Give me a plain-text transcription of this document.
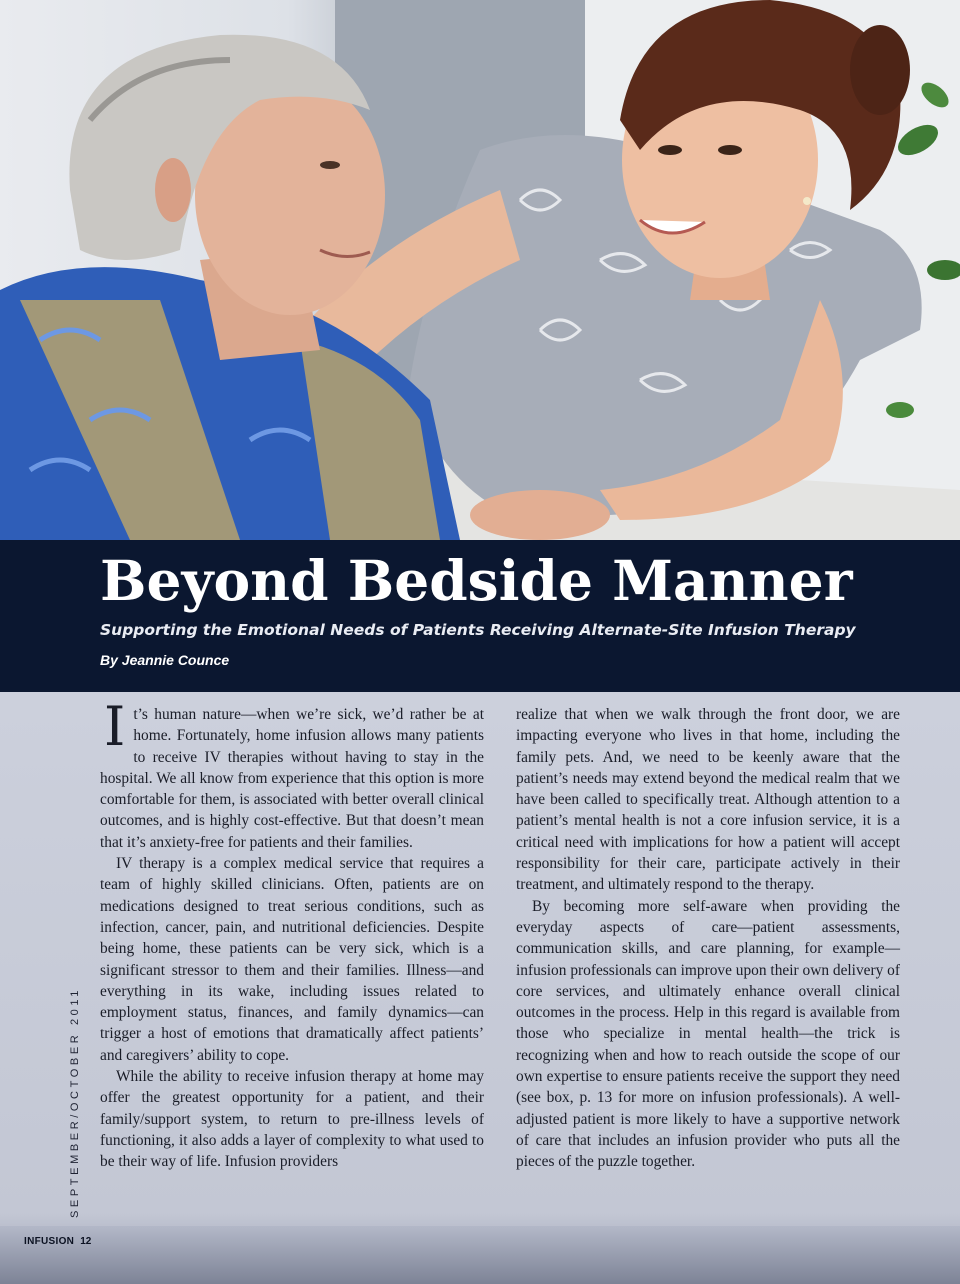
Beyond Bedside Manner

Supporting the Emotional Needs of Patients Receiving Alternate-Site Infusion Therapy

By Jeannie Counce

It’s human nature—when we’re sick, we’d rather be at home. Fortunately, home infusion allows many patients to receive IV therapies without having to stay in the hospital. We all know from experience that this option is more comfortable for them, is associated with better overall clinical outcomes, and is highly cost-effective. But that doesn’t mean that it’s anxiety-free for patients and their families.

IV therapy is a complex medical service that requires a team of highly skilled clinicians. Often, patients are on medications designed to treat serious conditions, such as infection, cancer, pain, and nutritional deficiencies. Despite being home, these patients can be very sick, which is a significant stressor to them and their families. Illness—and everything in its wake, including issues related to employment status, finances, and family dynamics—can trigger a host of emotions that dramatically affect patients’ and caregivers’ ability to cope.

While the ability to receive infusion therapy at home may offer the greatest opportunity for a patient, and their family/support system, to return to pre-illness levels of functioning, it also adds a layer of complexity to what used to be their way of life. Infusion providers

realize that when we walk through the front door, we are impacting everyone who lives in that home, including the family pets. And, we need to be keenly aware that the patient’s needs may extend beyond the medical realm that we have been called to specifically treat. Although attention to a patient’s mental health is not a core infusion service, it is a critical need with implications for how a patient will accept responsibility for their care, participate actively in their treatment, and ultimately respond to the therapy.

By becoming more self-aware when providing the everyday aspects of care—patient assessments, communication skills, and care planning, for example—infusion professionals can improve upon their own delivery of core services, and ultimately enhance overall clinical outcomes in the process. Help in this regard is available from those who specialize in mental health—the trick is recognizing when and how to reach outside the scope of our own expertise to ensure patients receive the support they need (see box, p. 13 for more on infusion professionals). A well-adjusted patient is more likely to have a supportive network of care that includes an infusion provider who puts all the pieces of the puzzle together.

SEPTEMBER/OCTOBER 2011
INFUSION 12
